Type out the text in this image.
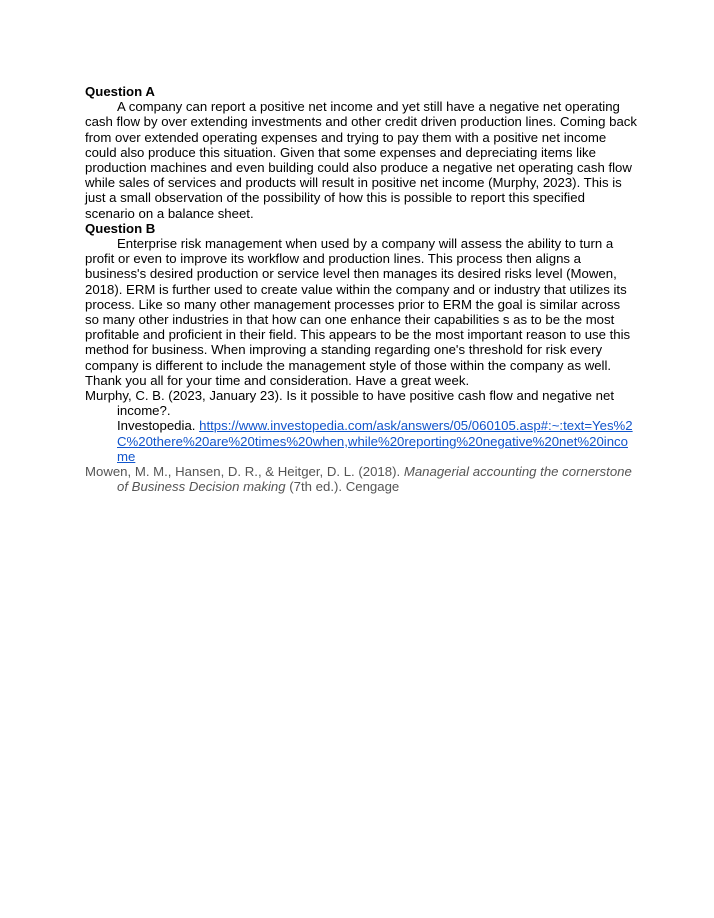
Question A

A company can report a positive net income and yet still have a negative net operating cash flow by over extending investments and other credit driven production lines. Coming back from over extended operating expenses and trying to pay them with a positive net income could also produce this situation. Given that some expenses and depreciating items like production machines and even building could also produce a negative net operating cash flow while sales of services and products will result in positive net income (Murphy, 2023). This is just a small observation of the possibility of how this is possible to report this specified scenario on a balance sheet.

Question B

Enterprise risk management when used by a company will assess the ability to turn a profit or even to improve its workflow and production lines. This process then aligns a business's desired production or service level then manages its desired risks level (Mowen, 2018). ERM is further used to create value within the company and or industry that utilizes its process. Like so many other management processes prior to ERM the goal is similar across so many other industries in that how can one enhance their capabilities s as to be the most profitable and proficient in their field. This appears to be the most important reason to use this method for business. When improving a standing regarding one's threshold for risk every company is different to include the management style of those within the company as well. Thank you all for your time and consideration. Have a great week.

Murphy, C. B. (2023, January 23). Is it possible to have positive cash flow and negative net income?.
Investopedia. https://www.investopedia.com/ask/answers/05/060105.asp#:~:text=Yes%2C%20there%20are%20times%20when,while%20reporting%20negative%20net%20income

Mowen, M. M., Hansen, D. R., & Heitger, D. L. (2018). Managerial accounting the cornerstone of Business Decision making (7th ed.). Cengage
